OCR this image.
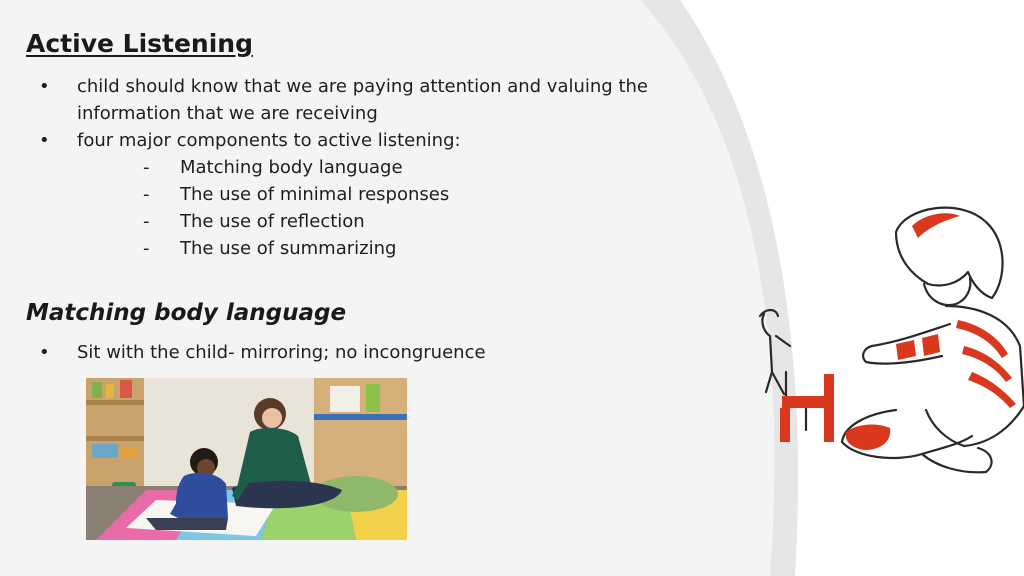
Active Listening
• child should know that we are paying attention and valuing the information that we are receiving
• four major components to active listening:
- Matching body language
- The use of minimal responses
- The use of reflection
- The use of summarizing
Matching body language
• Sit with the child- mirroring; no incongruence
